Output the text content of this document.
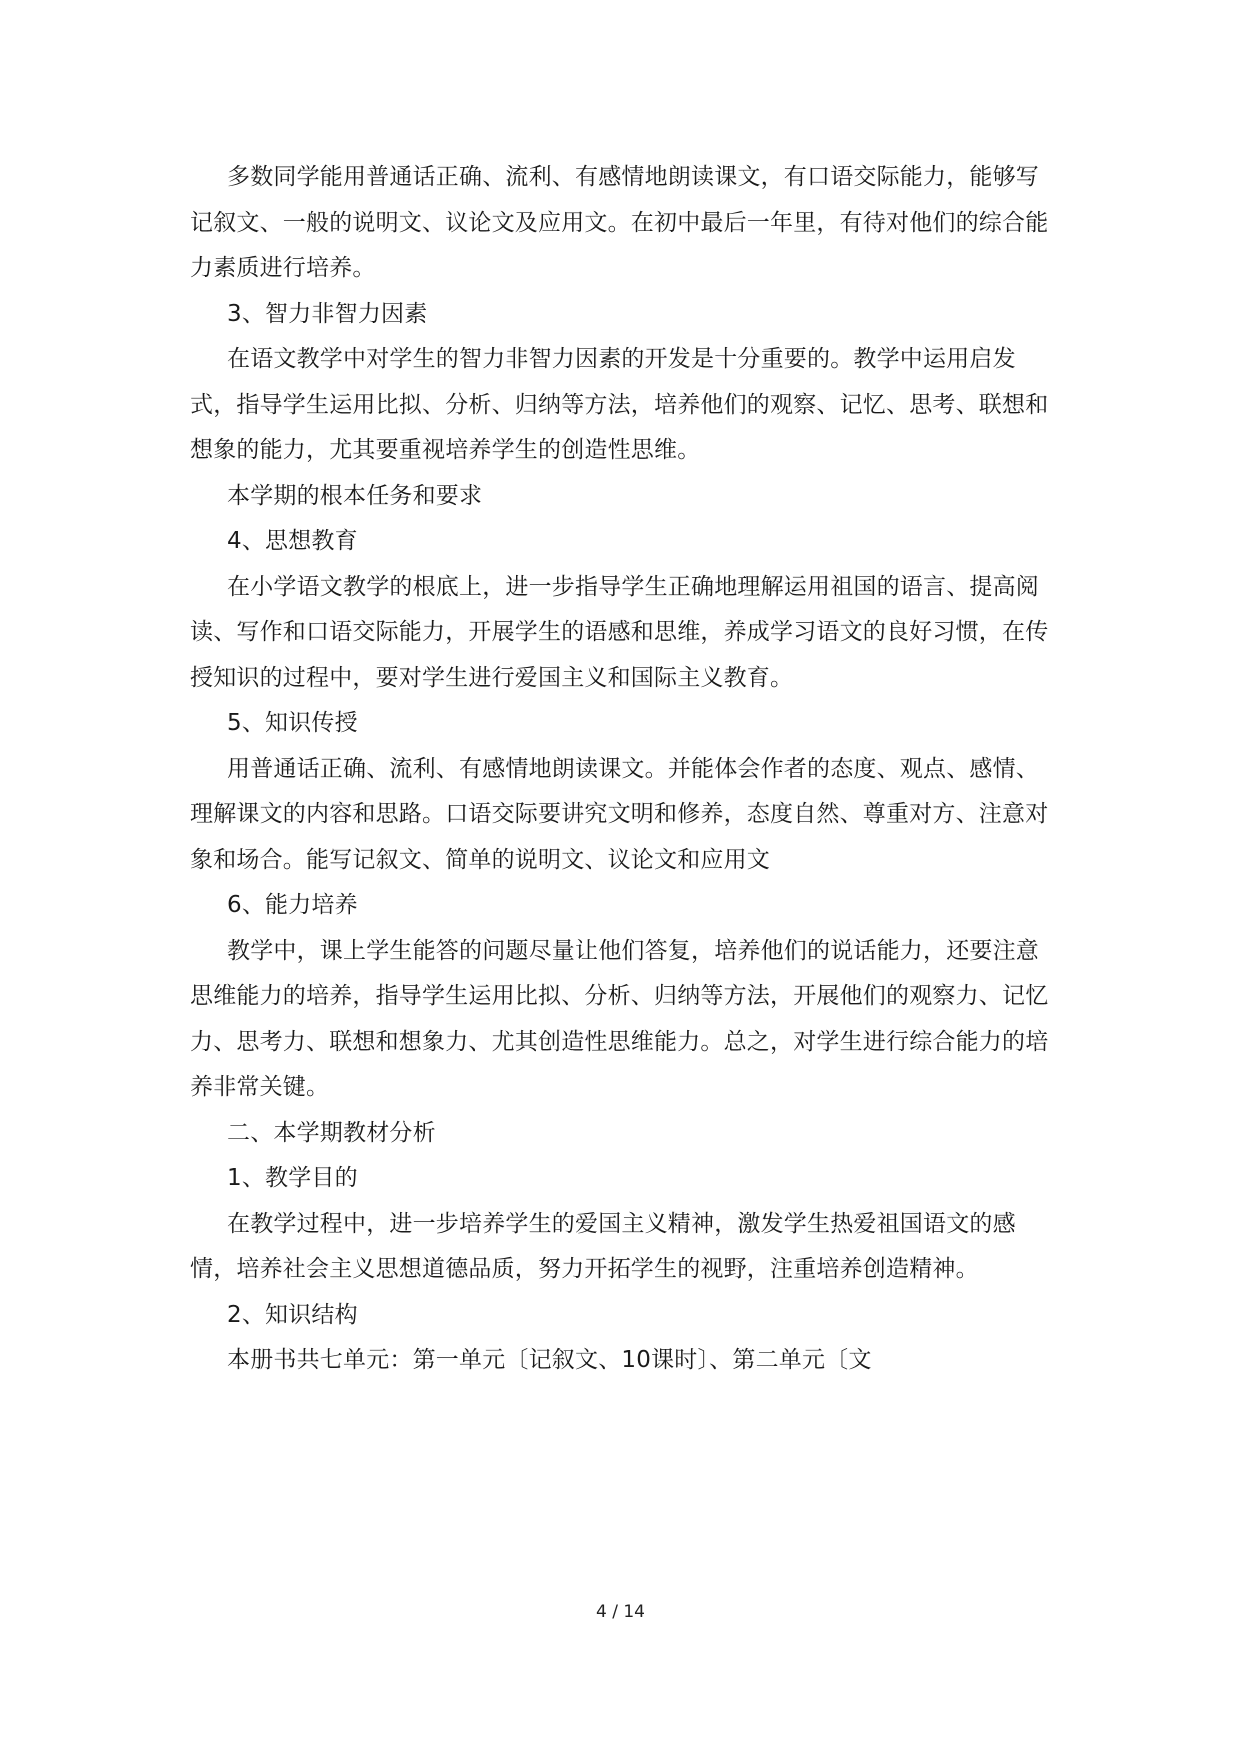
多数同学能用普通话正确、流利、有感情地朗读课文，有口语交际能力，能够写记叙文、一般的说明文、议论文及应用文。在初中最后一年里，有待对他们的综合能力素质进行培养。

3、智力非智力因素

在语文教学中对学生的智力非智力因素的开发是十分重要的。教学中运用启发式，指导学生运用比拟、分析、归纳等方法，培养他们的观察、记忆、思考、联想和想象的能力，尤其要重视培养学生的创造性思维。

本学期的根本任务和要求

4、思想教育

在小学语文教学的根底上，进一步指导学生正确地理解运用祖国的语言、提高阅读、写作和口语交际能力，开展学生的语感和思维，养成学习语文的良好习惯，在传授知识的过程中，要对学生进行爱国主义和国际主义教育。

5、知识传授

用普通话正确、流利、有感情地朗读课文。并能体会作者的态度、观点、感情、理解课文的内容和思路。口语交际要讲究文明和修养，态度自然、尊重对方、注意对象和场合。能写记叙文、简单的说明文、议论文和应用文

6、能力培养

教学中，课上学生能答的问题尽量让他们答复，培养他们的说话能力，还要注意思维能力的培养，指导学生运用比拟、分析、归纳等方法，开展他们的观察力、记忆力、思考力、联想和想象力、尤其创造性思维能力。总之，对学生进行综合能力的培养非常关键。

二、本学期教材分析

1、教学目的

在教学过程中，进一步培养学生的爱国主义精神，激发学生热爱祖国语文的感情，培养社会主义思想道德品质，努力开拓学生的视野，注重培养创造精神。

2、知识结构

本册书共七单元：第一单元〔记叙文、10课时〕、第二单元〔文

4 / 14
